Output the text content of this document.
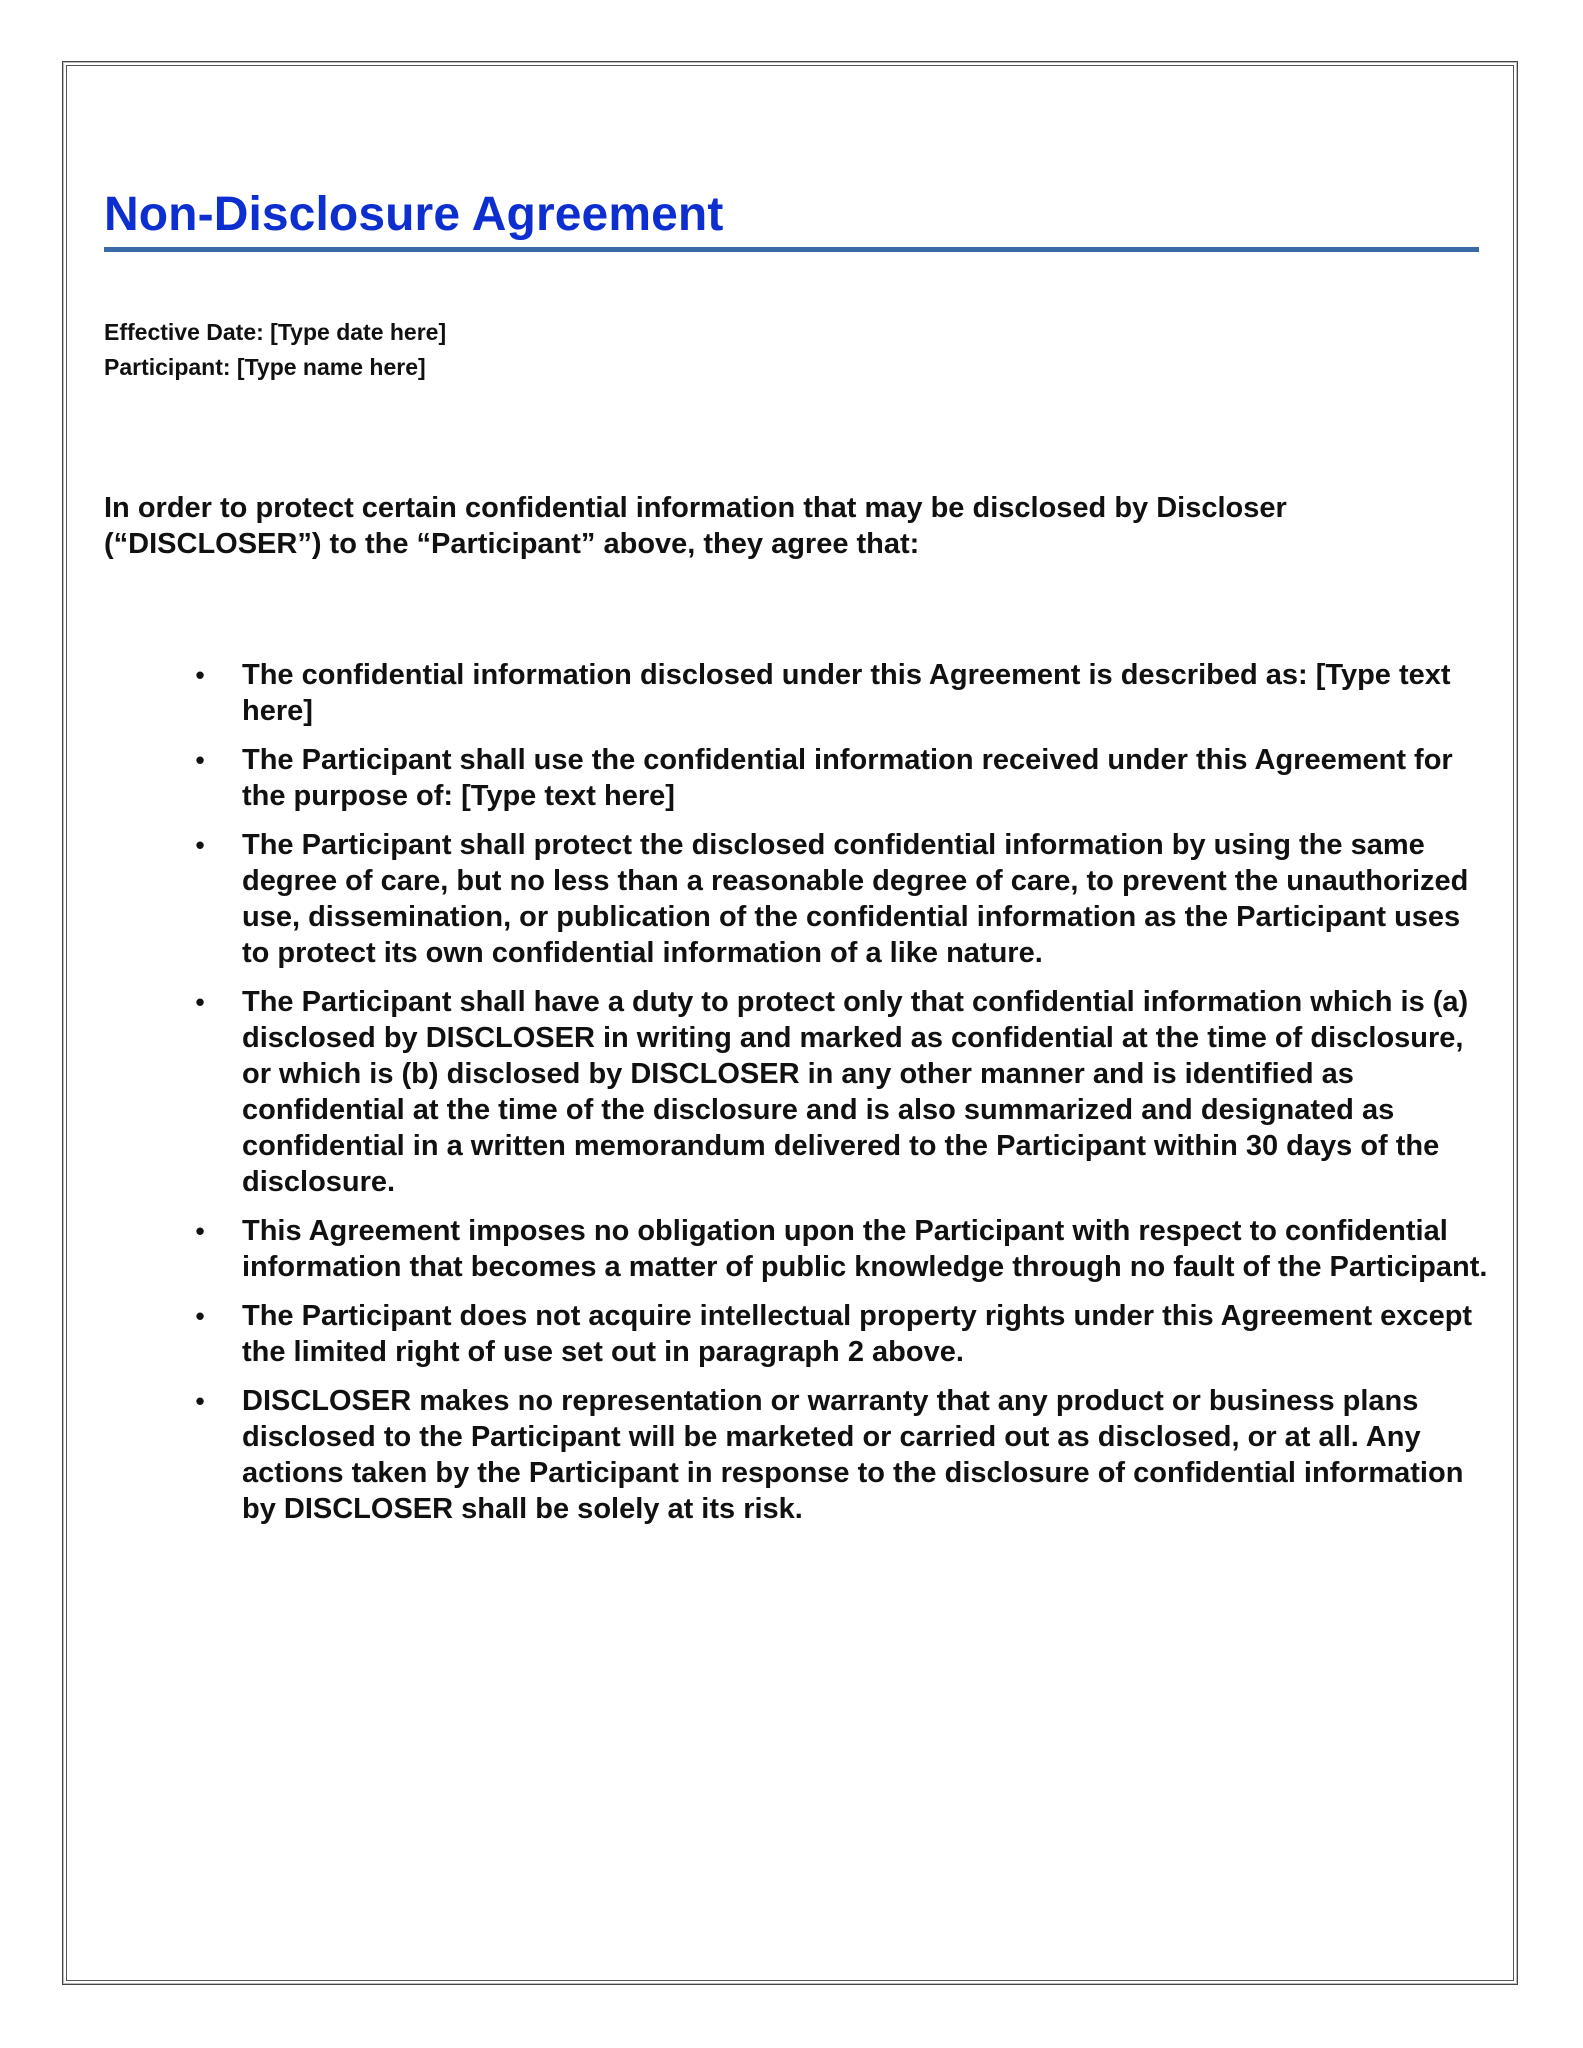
Non-Disclosure Agreement
Effective Date: [Type date here]
Participant: [Type name here]

In order to protect certain confidential information that may be disclosed by Discloser (“DISCLOSER”) to the “Participant” above, they agree that:

• The confidential information disclosed under this Agreement is described as: [Type text here]
• The Participant shall use the confidential information received under this Agreement for the purpose of: [Type text here]
• The Participant shall protect the disclosed confidential information by using the same degree of care, but no less than a reasonable degree of care, to prevent the unauthorized use, dissemination, or publication of the confidential information as the Participant uses to protect its own confidential information of a like nature.
• The Participant shall have a duty to protect only that confidential information which is (a) disclosed by DISCLOSER in writing and marked as confidential at the time of disclosure, or which is (b) disclosed by DISCLOSER in any other manner and is identified as confidential at the time of the disclosure and is also summarized and designated as confidential in a written memorandum delivered to the Participant within 30 days of the disclosure.
• This Agreement imposes no obligation upon the Participant with respect to confidential information that becomes a matter of public knowledge through no fault of the Participant.
• The Participant does not acquire intellectual property rights under this Agreement except the limited right of use set out in paragraph 2 above.
• DISCLOSER makes no representation or warranty that any product or business plans disclosed to the Participant will be marketed or carried out as disclosed, or at all. Any actions taken by the Participant in response to the disclosure of confidential information by DISCLOSER shall be solely at its risk.
